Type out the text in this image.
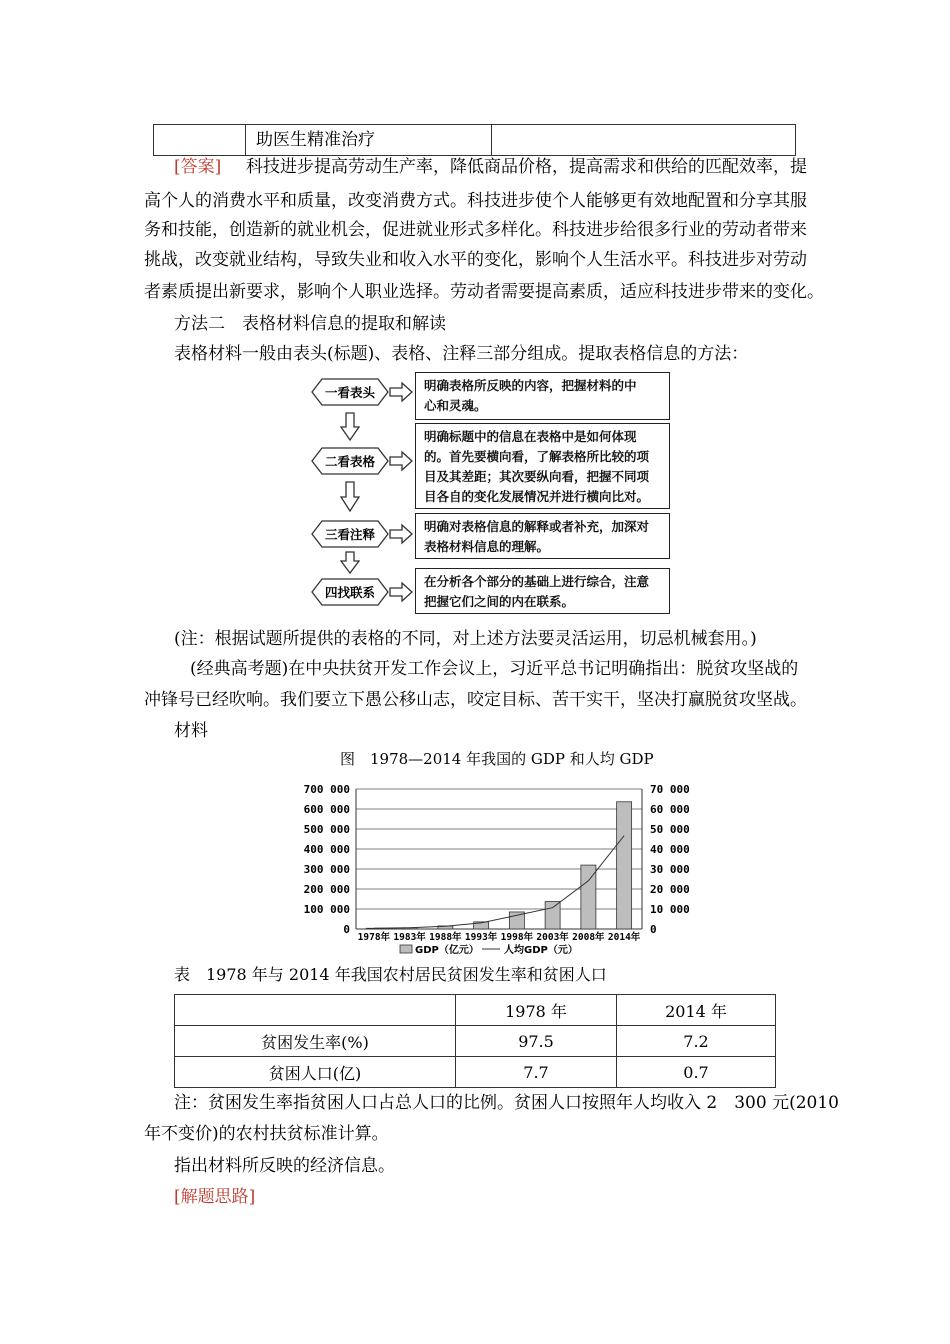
助医生精准治疗
[答案] 科技进步提高劳动生产率，降低商品价格，提高需求和供给的匹配效率，提
高个人的消费水平和质量，改变消费方式。科技进步使个人能够更有效地配置和分享其服
务和技能，创造新的就业机会，促进就业形式多样化。科技进步给很多行业的劳动者带来
挑战，改变就业结构，导致失业和收入水平的变化，影响个人生活水平。科技进步对劳动
者素质提出新要求，影响个人职业选择。劳动者需要提高素质，适应科技进步带来的变化。
方法二　表格材料信息的提取和解读
表格材料一般由表头(标题)、表格、注释三部分组成。提取表格信息的方法：
一看表头
二看表格
三看注释
四找联系
明确表格所反映的内容，把握材料的中
心和灵魂。
明确标题中的信息在表格中是如何体现
的。首先要横向看，了解表格所比较的项
目及其差距；其次要纵向看，把握不同项
目各自的变化发展情况并进行横向比对。
明确对表格信息的解释或者补充，加深对
表格材料信息的理解。
在分析各个部分的基础上进行综合，注意
把握它们之间的内在联系。
(注：根据试题所提供的表格的不同，对上述方法要灵活运用，切忌机械套用。)
(经典高考题)在中央扶贫开发工作会议上，习近平总书记明确指出：脱贫攻坚战的
冲锋号已经吹响。我们要立下愚公移山志，咬定目标、苦干实干，坚决打赢脱贫攻坚战。
材料
图　1978—2014 年我国的 GDP 和人均 GDP
0
100 000
200 000
300 000
400 000
500 000
600 000
700 000
0
10 000
20 000
30 000
40 000
50 000
60 000
70 000
1978年 1983年 1988年 1993年 1998年 2003年 2008年 2014年
GDP（亿元）	人均GDP（元）
表　1978 年与 2014 年我国农村居民贫困发生率和贫困人口
	1978 年	2014 年
贫困发生率(%)	97.5	7.2
贫困人口(亿)	7.7	0.7
注：贫困发生率指贫困人口占总人口的比例。贫困人口按照年人均收入 2　300 元(2010
年不变价)的农村扶贫标准计算。
指出材料所反映的经济信息。
[解题思路]
